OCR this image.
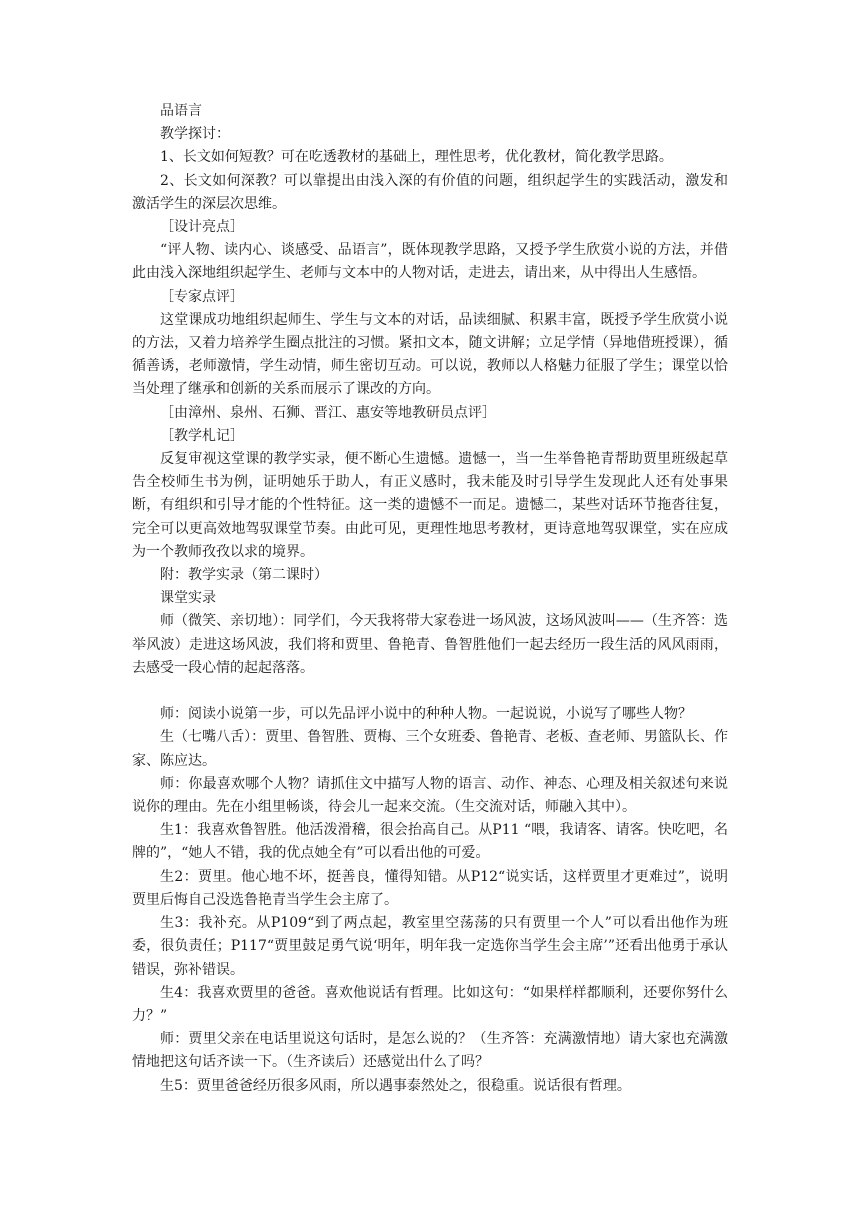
品语言

教学探讨：

1、长文如何短教？可在吃透教材的基础上，理性思考，优化教材，简化教学思路。

2、长文如何深教？可以靠提出由浅入深的有价值的问题，组织起学生的实践活动，激发和激活学生的深层次思维。

［设计亮点］

“评人物、读内心、谈感受、品语言”，既体现教学思路，又授予学生欣赏小说的方法，并借此由浅入深地组织起学生、老师与文本中的人物对话，走进去，请出来，从中得出人生感悟。

［专家点评］

这堂课成功地组织起师生、学生与文本的对话，品读细腻、积累丰富，既授予学生欣赏小说的方法，又着力培养学生圈点批注的习惯。紧扣文本，随文讲解；立足学情（异地借班授课），循循善诱，老师激情，学生动情，师生密切互动。可以说，教师以人格魅力征服了学生；课堂以恰当处理了继承和创新的关系而展示了课改的方向。

［由漳州、泉州、石狮、晋江、惠安等地教研员点评］

［教学札记］

反复审视这堂课的教学实录，便不断心生遗憾。遗憾一，当一生举鲁艳青帮助贾里班级起草告全校师生书为例，证明她乐于助人，有正义感时，我未能及时引导学生发现此人还有处事果断，有组织和引导才能的个性特征。这一类的遗憾不一而足。遗憾二，某些对话环节拖沓往复，完全可以更高效地驾驭课堂节奏。由此可见，更理性地思考教材，更诗意地驾驭课堂，实在应成为一个教师孜孜以求的境界。

附：教学实录（第二课时）

课堂实录

师（微笑、亲切地）：同学们，今天我将带大家卷进一场风波，这场风波叫——（生齐答：选举风波）走进这场风波，我们将和贾里、鲁艳青、鲁智胜他们一起去经历一段生活的风风雨雨，去感受一段心情的起起落落。

师：阅读小说第一步，可以先品评小说中的种种人物。一起说说，小说写了哪些人物？

生（七嘴八舌）：贾里、鲁智胜、贾梅、三个女班委、鲁艳青、老板、查老师、男篮队长、作家、陈应达。

师：你最喜欢哪个人物？请抓住文中描写人物的语言、动作、神态、心理及相关叙述句来说说你的理由。先在小组里畅谈，待会儿一起来交流。（生交流对话，师融入其中）。

生1：我喜欢鲁智胜。他活泼滑稽，很会抬高自己。从P11 “喂，我请客、请客。快吃吧，名牌的”，“她人不错，我的优点她全有”可以看出他的可爱。

生2：贾里。他心地不坏，挺善良，懂得知错。从P12“说实话，这样贾里才更难过”，说明贾里后悔自己没选鲁艳青当学生会主席了。

生3：我补充。从P109“到了两点起，教室里空荡荡的只有贾里一个人”可以看出他作为班委，很负责任；P117“贾里鼓足勇气说‘明年，明年我一定选你当学生会主席’”还看出他勇于承认错误，弥补错误。

生4：我喜欢贾里的爸爸。喜欢他说话有哲理。比如这句：“如果样样都顺利，还要你努什么力？”

师：贾里父亲在电话里说这句话时，是怎么说的？（生齐答：充满激情地）请大家也充满激情地把这句话齐读一下。（生齐读后）还感觉出什么了吗？

生5：贾里爸爸经历很多风雨，所以遇事泰然处之，很稳重。说话很有哲理。
